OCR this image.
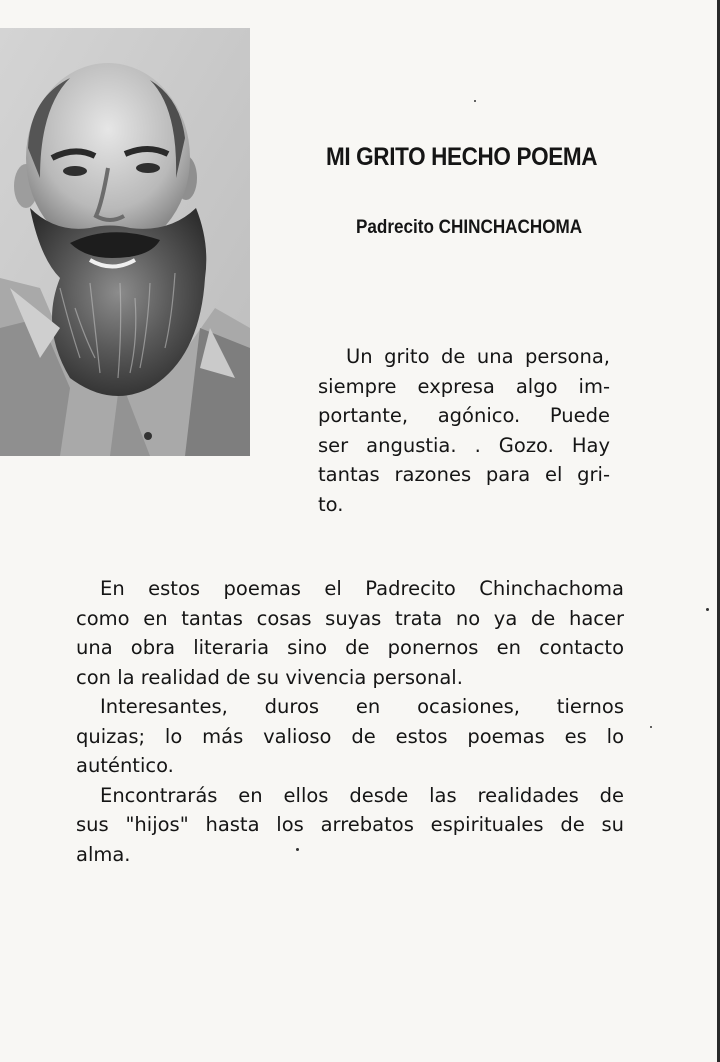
MI GRITO HECHO POEMA
Padrecito CHINCHACHOMA
Un grito de una persona,
siempre expresa algo im-
portante, agónico. Puede
ser angustia. . Gozo. Hay
tantas razones para el gri-
to.
En estos poemas el Padrecito Chinchachoma
como en tantas cosas suyas trata no ya de hacer
una obra literaria sino de ponernos en contacto
con la realidad de su vivencia personal.
Interesantes, duros en ocasiones, tiernos
quizas; lo más valioso de estos poemas es lo
auténtico.
Encontrarás en ellos desde las realidades de
sus "hijos" hasta los arrebatos espirituales de su
alma.
